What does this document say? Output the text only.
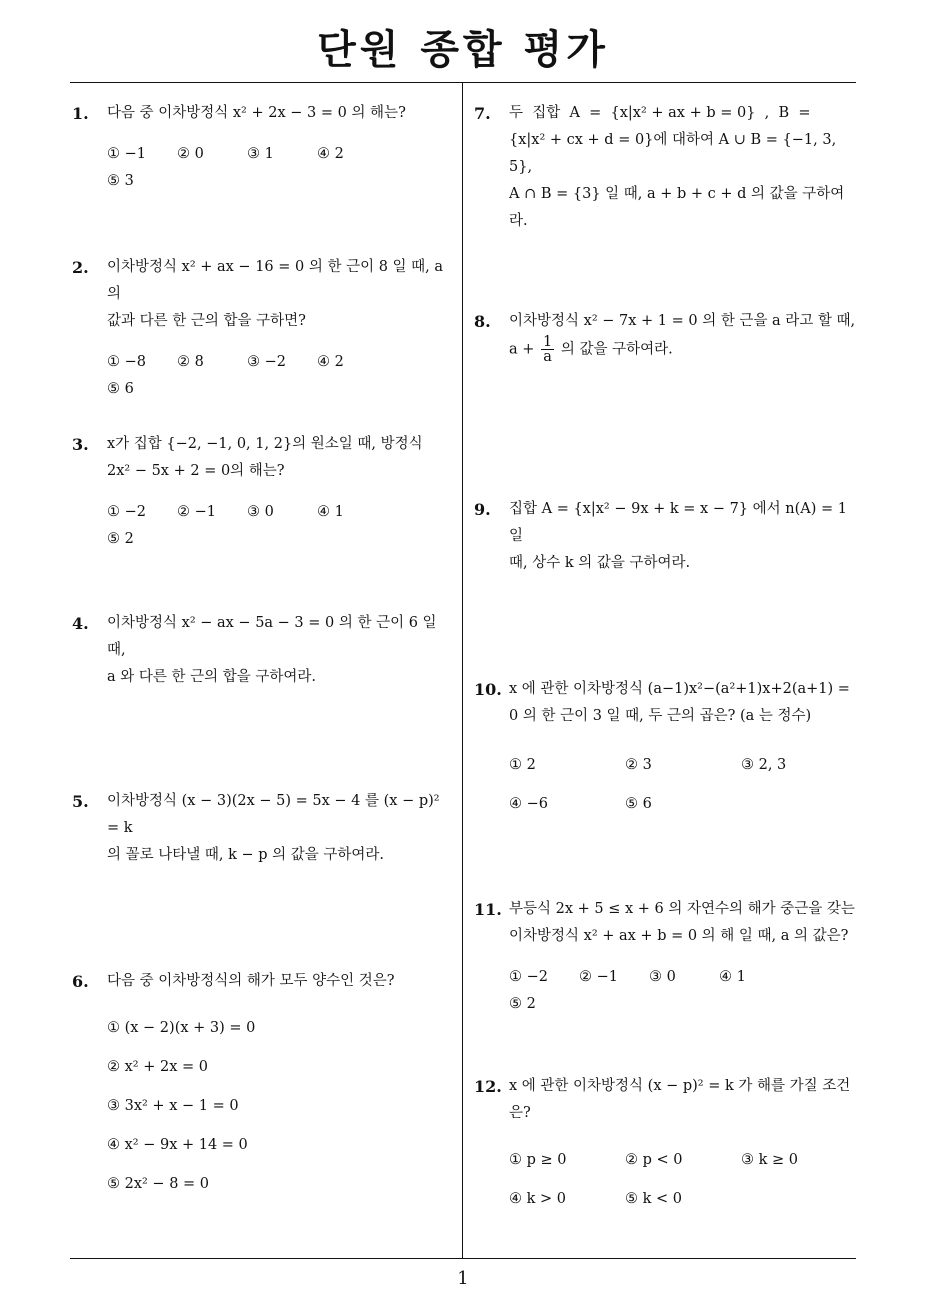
단원 종합 평가
1. 다음 중 이차방정식 x² + 2x − 3 = 0 의 해는?
① −1	② 0	③ 1	④ 2
⑤ 3
2. 이차방정식 x² + ax − 16 = 0 의 한 근이 8 일 때, a 의
값과 다른 한 근의 합을 구하면?
① −8	② 8	③ −2	④ 2
⑤ 6
3. x가 집합 {−2, −1, 0, 1, 2}의 원소일 때, 방정식
2x² − 5x + 2 = 0의 해는?
① −2	② −1	③ 0	④ 1
⑤ 2
4. 이차방정식 x² − ax − 5a − 3 = 0 의 한 근이 6 일 때,
a 와 다른 한 근의 합을 구하여라.
5. 이차방정식 (x − 3)(2x − 5) = 5x − 4 를 (x − p)² = k
의 꼴로 나타낼 때, k − p 의 값을 구하여라.
6. 다음 중 이차방정식의 해가 모두 양수인 것은?
① (x − 2)(x + 3) = 0
② x² + 2x = 0
③ 3x² + x − 1 = 0
④ x² − 9x + 14 = 0
⑤ 2x² − 8 = 0
7. 두  집합  A  =  {x|x² + ax + b = 0}  ,  B  =
{x|x² + cx + d = 0}에 대하여 A ∪ B = {−1, 3, 5},
A ∩ B = {3} 일 때, a + b + c + d 의 값을 구하여라.
8. 이차방정식 x² − 7x + 1 = 0 의 한 근을 a 라고 할 때,
$a + \frac{1}{a}$ 의 값을 구하여라.
9. 집합 A = {x|x² − 9x + k = x − 7} 에서 n(A) = 1 일
때, 상수 k 의 값을 구하여라.
10. x 에 관한 이차방정식 (a−1)x²−(a²+1)x+2(a+1) =
0 의 한 근이 3 일 때, 두 근의 곱은? (a 는 정수)
① 2	② 3	③ 2, 3
④ −6	⑤ 6
11. 부등식 2x + 5 ≤ x + 6 의 자연수의 해가 중근을 갖는
이차방정식 x² + ax + b = 0 의 해 일 때, a 의 값은?
① −2	② −1	③ 0	④ 1
⑤ 2
12. x 에 관한 이차방정식 (x − p)² = k 가 해를 가질 조건
은?
① p ≥ 0	② p < 0	③ k ≥ 0
④ k > 0	⑤ k < 0
1
